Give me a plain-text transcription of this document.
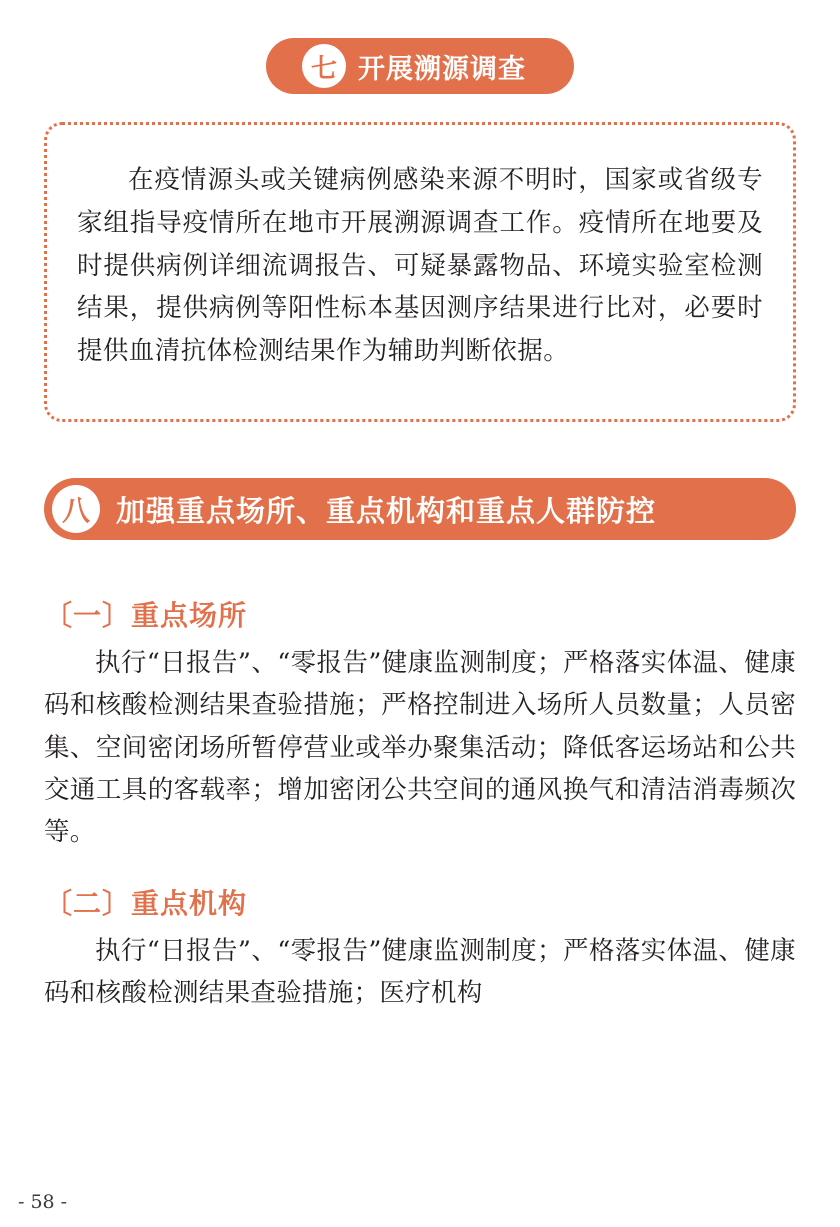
七 开展溯源调查

在疫情源头或关键病例感染来源不明时，国家或省级专家组指导疫情所在地市开展溯源调查工作。疫情所在地要及时提供病例详细流调报告、可疑暴露物品、环境实验室检测结果，提供病例等阳性标本基因测序结果进行比对，必要时提供血清抗体检测结果作为辅助判断依据。

八 加强重点场所、重点机构和重点人群防控
〔一〕重点场所

执行“日报告”、“零报告”健康监测制度；严格落实体温、健康码和核酸检测结果查验措施；严格控制进入场所人员数量；人员密集、空间密闭场所暂停营业或举办聚集活动；降低客运场站和公共交通工具的客载率；增加密闭公共空间的通风换气和清洁消毒频次等。

〔二〕重点机构

执行“日报告”、“零报告”健康监测制度；严格落实体温、健康码和核酸检测结果查验措施；医疗机构

- 58 -
